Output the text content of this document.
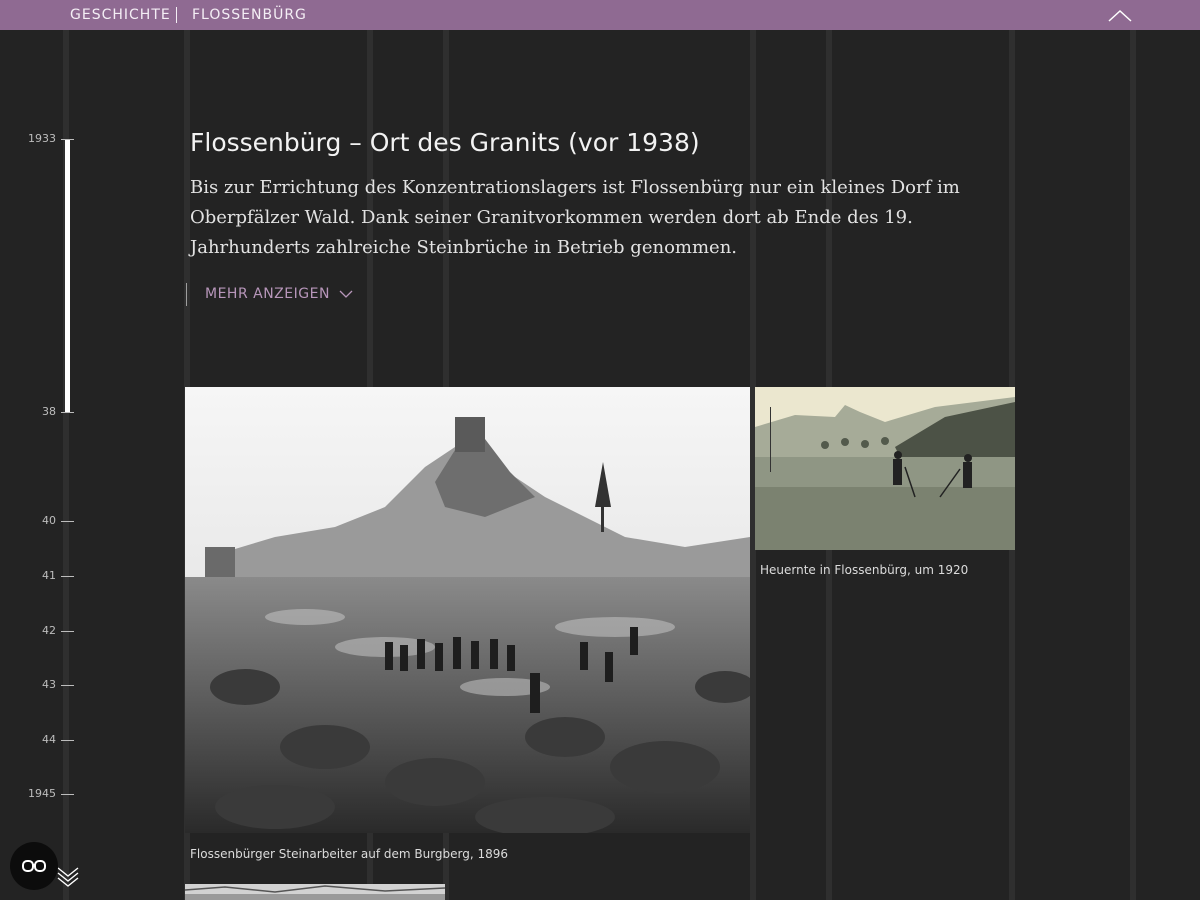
GESCHICHTE FLOSSENBÜRG
1933
38
40
41
42
43
44
1945
Flossenbürg – Ort des Granits (vor 1938)

Bis zur Errichtung des Konzentrationslagers ist Flossenbürg nur ein kleines Dorf im Oberpfälzer Wald. Dank seiner Granitvorkommen werden dort ab Ende des 19. Jahrhunderts zahlreiche Steinbrüche in Betrieb genommen.

MEHR ANZEIGEN
Flossenbürger Steinarbeiter auf dem Burgberg, 1896
Heuernte in Flossenbürg, um 1920
